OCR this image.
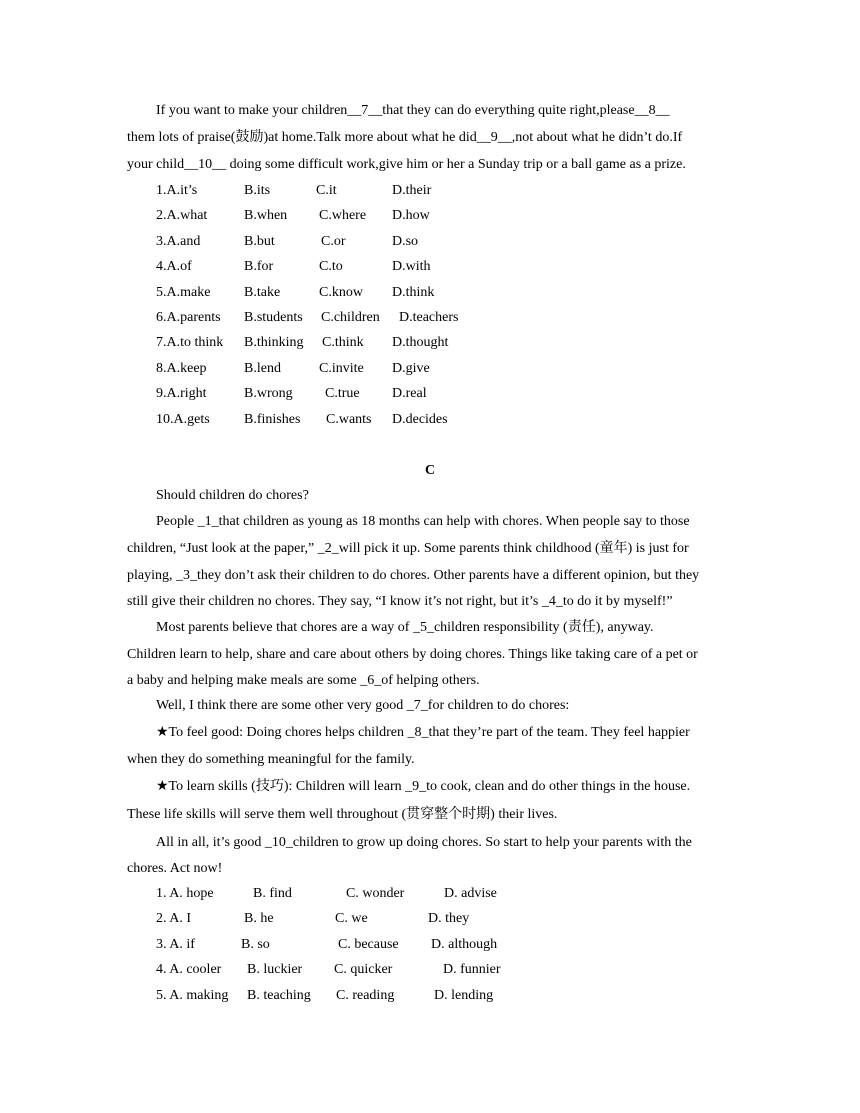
If you want to make your children__7__that they can do everything quite right,please__8__
them lots of praise(鼓励)at home.Talk more about what he did__9__,not about what he didn’t do.If
your child__10__ doing some difficult work,give him or her a Sunday trip or a ball game as a prize.
1.A.it’s	B.its	C.it	D.their
2.A.what	B.when C.where D.how
3.A.and	B.but	C.or	D.so
4.A.of	B.for	C.to	D.with
5.A.make B.take	C.know D.think
6.A.parents B.students C.children D.teachers
7.A.to think B.thinking C.think D.thought
8.A.keep	B.lend	C.invite D.give
9.A.right	B.wrong C.true D.real
10.A.gets B.finishes C.wants D.decides
C
Should children do chores?
People _1_that children as young as 18 months can help with chores. When people say to those
children, “Just look at the paper,” _2_will pick it up. Some parents think childhood (童年) is just for
playing, _3_they don’t ask their children to do chores. Other parents have a different opinion, but they
still give their children no chores. They say, “I know it’s not right, but it’s _4_to do it by myself!”
Most parents believe that chores are a way of _5_children responsibility (责任), anyway.
Children learn to help, share and care about others by doing chores. Things like taking care of a pet or
a baby and helping make meals are some _6_of helping others.
Well, I think there are some other very good _7_for children to do chores:
★To feel good: Doing chores helps children _8_that they’re part of the team. They feel happier
when they do something meaningful for the family.
★To learn skills (技巧): Children will learn _9_to cook, clean and do other things in the house.
These life skills will serve them well throughout (贯穿整个时期) their lives.
All in all, it’s good _10_children to grow up doing chores. So start to help your parents with the
chores. Act now!
1. A. hope	B. find	C. wonder	D. advise
2. A. I	B. he	C. we	D. they
3. A. if	B. so	C. because D. although
4. A. cooler B. luckier C. quicker	D. funnier
5. A. making B. teaching C. reading	D. lending
